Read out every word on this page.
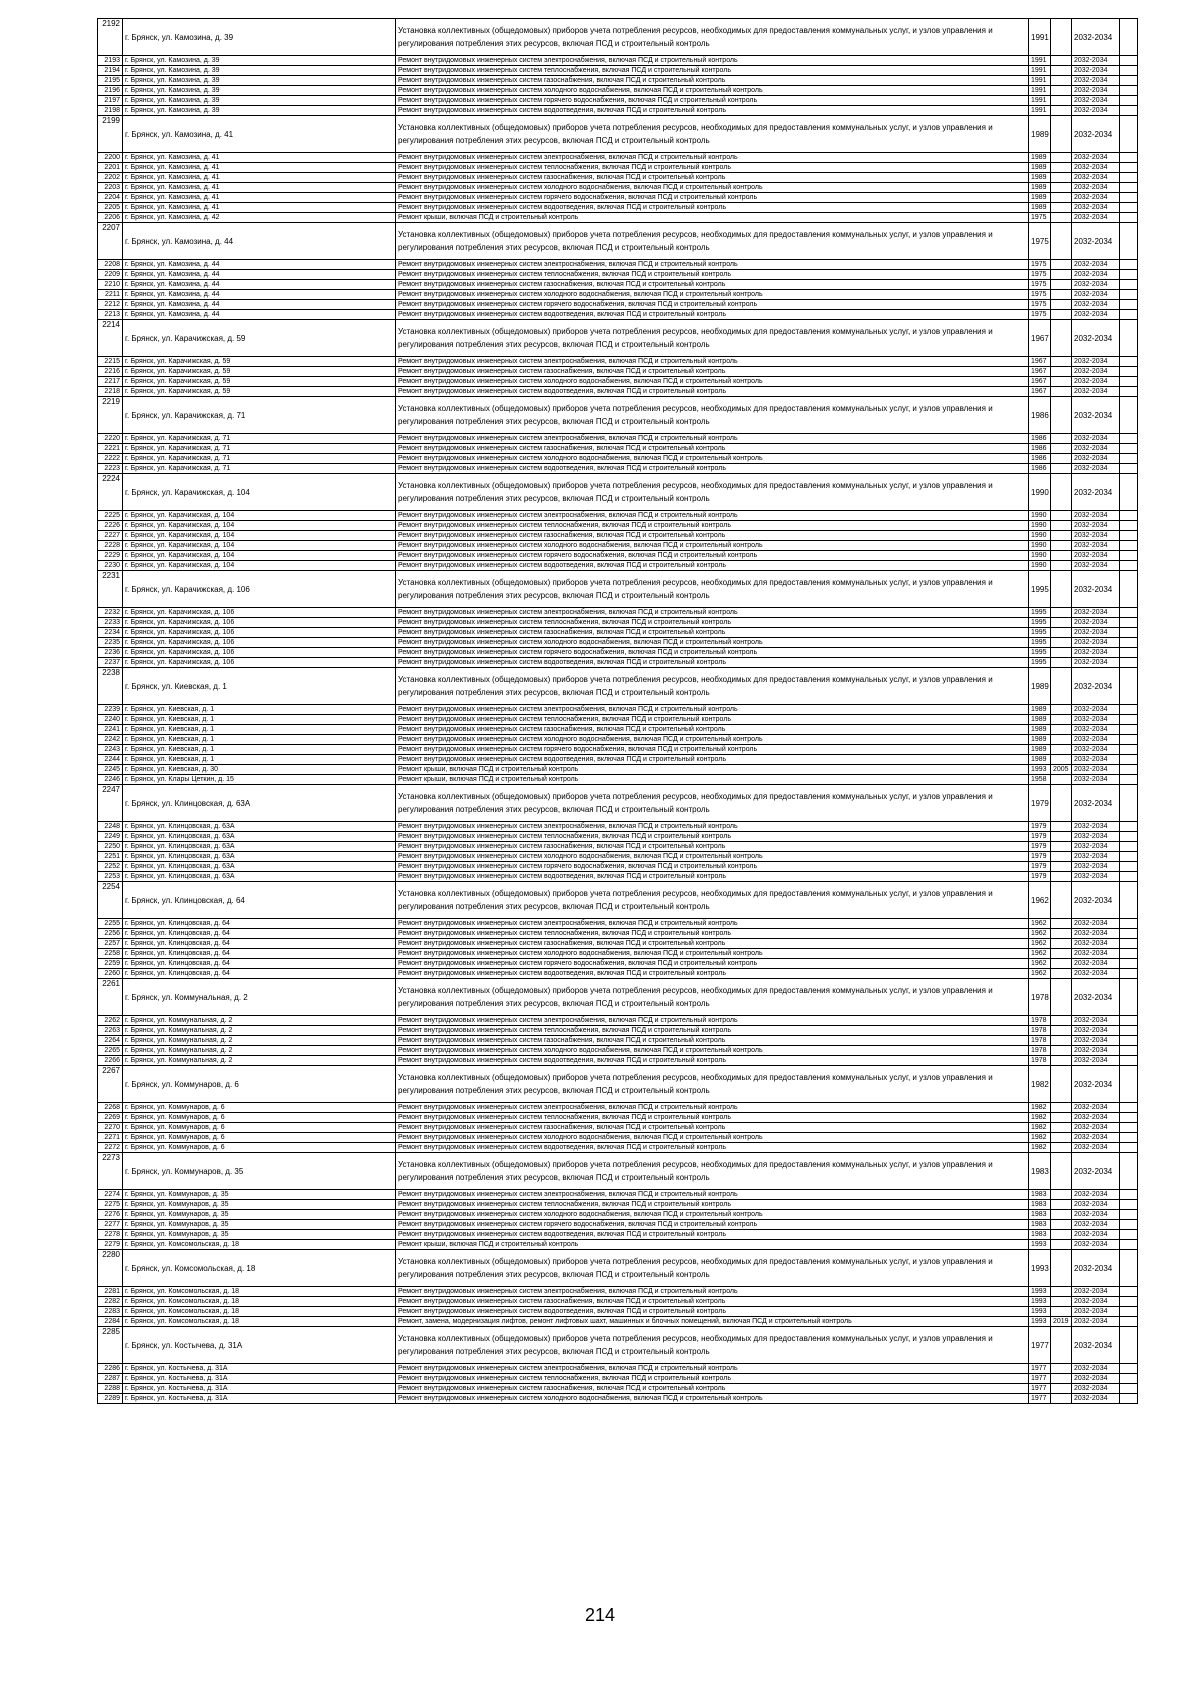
2192	г. Брянск, ул. Камозина, д. 39	Установка коллективных (общедомовых) приборов учета потребления ресурсов, необходимых для предоставления коммунальных услуг, и узлов управления и регулирования потребления этих ресурсов, включая ПСД и строительный контроль	1991		2032-2034	
2193	г. Брянск, ул. Камозина, д. 39	Ремонт внутридомовых инженерных систем электроснабжения, включая ПСД и строительный контроль	1991		2032-2034	
2194	г. Брянск, ул. Камозина, д. 39	Ремонт внутридомовых инженерных систем теплоснабжения, включая ПСД и строительный контроль	1991		2032-2034	
2195	г. Брянск, ул. Камозина, д. 39	Ремонт внутридомовых инженерных систем газоснабжения, включая ПСД и строительный контроль	1991		2032-2034	
2196	г. Брянск, ул. Камозина, д. 39	Ремонт внутридомовых инженерных систем холодного водоснабжения, включая ПСД и строительный контроль	1991		2032-2034	
2197	г. Брянск, ул. Камозина, д. 39	Ремонт внутридомовых инженерных систем горячего водоснабжения, включая ПСД и строительный контроль	1991		2032-2034	
2198	г. Брянск, ул. Камозина, д. 39	Ремонт внутридомовых инженерных систем водоотведения, включая ПСД и строительный контроль	1991		2032-2034	
2199	г. Брянск, ул. Камозина, д. 41	Установка коллективных (общедомовых) приборов учета потребления ресурсов, необходимых для предоставления коммунальных услуг, и узлов управления и регулирования потребления этих ресурсов, включая ПСД и строительный контроль	1989		2032-2034	
2200	г. Брянск, ул. Камозина, д. 41	Ремонт внутридомовых инженерных систем электроснабжения, включая ПСД и строительный контроль	1989		2032-2034	
2201	г. Брянск, ул. Камозина, д. 41	Ремонт внутридомовых инженерных систем теплоснабжения, включая ПСД и строительный контроль	1989		2032-2034	
2202	г. Брянск, ул. Камозина, д. 41	Ремонт внутридомовых инженерных систем газоснабжения, включая ПСД и строительный контроль	1989		2032-2034	
2203	г. Брянск, ул. Камозина, д. 41	Ремонт внутридомовых инженерных систем холодного водоснабжения, включая ПСД и строительный контроль	1989		2032-2034	
2204	г. Брянск, ул. Камозина, д. 41	Ремонт внутридомовых инженерных систем горячего водоснабжения, включая ПСД и строительный контроль	1989		2032-2034	
2205	г. Брянск, ул. Камозина, д. 41	Ремонт внутридомовых инженерных систем водоотведения, включая ПСД и строительный контроль	1989		2032-2034	
2206	г. Брянск, ул. Камозина, д. 42	Ремонт крыши, включая ПСД и строительный контроль	1975		2032-2034	
2207	г. Брянск, ул. Камозина, д. 44	Установка коллективных (общедомовых) приборов учета потребления ресурсов, необходимых для предоставления коммунальных услуг, и узлов управления и регулирования потребления этих ресурсов, включая ПСД и строительный контроль	1975		2032-2034	
2208	г. Брянск, ул. Камозина, д. 44	Ремонт внутридомовых инженерных систем электроснабжения, включая ПСД и строительный контроль	1975		2032-2034	
2209	г. Брянск, ул. Камозина, д. 44	Ремонт внутридомовых инженерных систем теплоснабжения, включая ПСД и строительный контроль	1975		2032-2034	
2210	г. Брянск, ул. Камозина, д. 44	Ремонт внутридомовых инженерных систем газоснабжения, включая ПСД и строительный контроль	1975		2032-2034	
2211	г. Брянск, ул. Камозина, д. 44	Ремонт внутридомовых инженерных систем холодного водоснабжения, включая ПСД и строительный контроль	1975		2032-2034	
2212	г. Брянск, ул. Камозина, д. 44	Ремонт внутридомовых инженерных систем горячего водоснабжения, включая ПСД и строительный контроль	1975		2032-2034	
2213	г. Брянск, ул. Камозина, д. 44	Ремонт внутридомовых инженерных систем водоотведения, включая ПСД и строительный контроль	1975		2032-2034	
2214	г. Брянск, ул. Карачижская, д. 59	Установка коллективных (общедомовых) приборов учета потребления ресурсов, необходимых для предоставления коммунальных услуг, и узлов управления и регулирования потребления этих ресурсов, включая ПСД и строительный контроль	1967		2032-2034	
2215	г. Брянск, ул. Карачижская, д. 59	Ремонт внутридомовых инженерных систем электроснабжения, включая ПСД и строительный контроль	1967		2032-2034	
2216	г. Брянск, ул. Карачижская, д. 59	Ремонт внутридомовых инженерных систем газоснабжения, включая ПСД и строительный контроль	1967		2032-2034	
2217	г. Брянск, ул. Карачижская, д. 59	Ремонт внутридомовых инженерных систем холодного водоснабжения, включая ПСД и строительный контроль	1967		2032-2034	
2218	г. Брянск, ул. Карачижская, д. 59	Ремонт внутридомовых инженерных систем водоотведения, включая ПСД и строительный контроль	1967		2032-2034	
2219	г. Брянск, ул. Карачижская, д. 71	Установка коллективных (общедомовых) приборов учета потребления ресурсов, необходимых для предоставления коммунальных услуг, и узлов управления и регулирования потребления этих ресурсов, включая ПСД и строительный контроль	1986		2032-2034	
2220	г. Брянск, ул. Карачижская, д. 71	Ремонт внутридомовых инженерных систем электроснабжения, включая ПСД и строительный контроль	1986		2032-2034	
2221	г. Брянск, ул. Карачижская, д. 71	Ремонт внутридомовых инженерных систем газоснабжения, включая ПСД и строительный контроль	1986		2032-2034	
2222	г. Брянск, ул. Карачижская, д. 71	Ремонт внутридомовых инженерных систем холодного водоснабжения, включая ПСД и строительный контроль	1986		2032-2034	
2223	г. Брянск, ул. Карачижская, д. 71	Ремонт внутридомовых инженерных систем водоотведения, включая ПСД и строительный контроль	1986		2032-2034	
2224	г. Брянск, ул. Карачижская, д. 104	Установка коллективных (общедомовых) приборов учета потребления ресурсов, необходимых для предоставления коммунальных услуг, и узлов управления и регулирования потребления этих ресурсов, включая ПСД и строительный контроль	1990		2032-2034	
2225	г. Брянск, ул. Карачижская, д. 104	Ремонт внутридомовых инженерных систем электроснабжения, включая ПСД и строительный контроль	1990		2032-2034	
2226	г. Брянск, ул. Карачижская, д. 104	Ремонт внутридомовых инженерных систем теплоснабжения, включая ПСД и строительный контроль	1990		2032-2034	
2227	г. Брянск, ул. Карачижская, д. 104	Ремонт внутридомовых инженерных систем газоснабжения, включая ПСД и строительный контроль	1990		2032-2034	
2228	г. Брянск, ул. Карачижская, д. 104	Ремонт внутридомовых инженерных систем холодного водоснабжения, включая ПСД и строительный контроль	1990		2032-2034	
2229	г. Брянск, ул. Карачижская, д. 104	Ремонт внутридомовых инженерных систем горячего водоснабжения, включая ПСД и строительный контроль	1990		2032-2034	
2230	г. Брянск, ул. Карачижская, д. 104	Ремонт внутридомовых инженерных систем водоотведения, включая ПСД и строительный контроль	1990		2032-2034	
2231	г. Брянск, ул. Карачижская, д. 106	Установка коллективных (общедомовых) приборов учета потребления ресурсов, необходимых для предоставления коммунальных услуг, и узлов управления и регулирования потребления этих ресурсов, включая ПСД и строительный контроль	1995		2032-2034	
2232	г. Брянск, ул. Карачижская, д. 106	Ремонт внутридомовых инженерных систем электроснабжения, включая ПСД и строительный контроль	1995		2032-2034	
2233	г. Брянск, ул. Карачижская, д. 106	Ремонт внутридомовых инженерных систем теплоснабжения, включая ПСД и строительный контроль	1995		2032-2034	
2234	г. Брянск, ул. Карачижская, д. 106	Ремонт внутридомовых инженерных систем газоснабжения, включая ПСД и строительный контроль	1995		2032-2034	
2235	г. Брянск, ул. Карачижская, д. 106	Ремонт внутридомовых инженерных систем холодного водоснабжения, включая ПСД и строительный контроль	1995		2032-2034	
2236	г. Брянск, ул. Карачижская, д. 106	Ремонт внутридомовых инженерных систем горячего водоснабжения, включая ПСД и строительный контроль	1995		2032-2034	
2237	г. Брянск, ул. Карачижская, д. 106	Ремонт внутридомовых инженерных систем водоотведения, включая ПСД и строительный контроль	1995		2032-2034	
2238	г. Брянск, ул. Киевская, д. 1	Установка коллективных (общедомовых) приборов учета потребления ресурсов, необходимых для предоставления коммунальных услуг, и узлов управления и регулирования потребления этих ресурсов, включая ПСД и строительный контроль	1989		2032-2034	
2239	г. Брянск, ул. Киевская, д. 1	Ремонт внутридомовых инженерных систем электроснабжения, включая ПСД и строительный контроль	1989		2032-2034	
2240	г. Брянск, ул. Киевская, д. 1	Ремонт внутридомовых инженерных систем теплоснабжения, включая ПСД и строительный контроль	1989		2032-2034	
2241	г. Брянск, ул. Киевская, д. 1	Ремонт внутридомовых инженерных систем газоснабжения, включая ПСД и строительный контроль	1989		2032-2034	
2242	г. Брянск, ул. Киевская, д. 1	Ремонт внутридомовых инженерных систем холодного водоснабжения, включая ПСД и строительный контроль	1989		2032-2034	
2243	г. Брянск, ул. Киевская, д. 1	Ремонт внутридомовых инженерных систем горячего водоснабжения, включая ПСД и строительный контроль	1989		2032-2034	
2244	г. Брянск, ул. Киевская, д. 1	Ремонт внутридомовых инженерных систем водоотведения, включая ПСД и строительный контроль	1989		2032-2034	
2245	г. Брянск, ул. Киевская, д. 30	Ремонт крыши, включая ПСД и строительный контроль	1993	2005	2032-2034	
2246	г. Брянск, ул. Клары Цеткин, д. 15	Ремонт крыши, включая ПСД и строительный контроль	1958		2032-2034	
2247	г. Брянск, ул. Клинцовская, д. 63А	Установка коллективных (общедомовых) приборов учета потребления ресурсов, необходимых для предоставления коммунальных услуг, и узлов управления и регулирования потребления этих ресурсов, включая ПСД и строительный контроль	1979		2032-2034	
2248	г. Брянск, ул. Клинцовская, д. 63А	Ремонт внутридомовых инженерных систем электроснабжения, включая ПСД и строительный контроль	1979		2032-2034	
2249	г. Брянск, ул. Клинцовская, д. 63А	Ремонт внутридомовых инженерных систем теплоснабжения, включая ПСД и строительный контроль	1979		2032-2034	
2250	г. Брянск, ул. Клинцовская, д. 63А	Ремонт внутридомовых инженерных систем газоснабжения, включая ПСД и строительный контроль	1979		2032-2034	
2251	г. Брянск, ул. Клинцовская, д. 63А	Ремонт внутридомовых инженерных систем холодного водоснабжения, включая ПСД и строительный контроль	1979		2032-2034	
2252	г. Брянск, ул. Клинцовская, д. 63А	Ремонт внутридомовых инженерных систем горячего водоснабжения, включая ПСД и строительный контроль	1979		2032-2034	
2253	г. Брянск, ул. Клинцовская, д. 63А	Ремонт внутридомовых инженерных систем водоотведения, включая ПСД и строительный контроль	1979		2032-2034	
2254	г. Брянск, ул. Клинцовская, д. 64	Установка коллективных (общедомовых) приборов учета потребления ресурсов, необходимых для предоставления коммунальных услуг, и узлов управления и регулирования потребления этих ресурсов, включая ПСД и строительный контроль	1962		2032-2034	
2255	г. Брянск, ул. Клинцовская, д. 64	Ремонт внутридомовых инженерных систем электроснабжения, включая ПСД и строительный контроль	1962		2032-2034	
2256	г. Брянск, ул. Клинцовская, д. 64	Ремонт внутридомовых инженерных систем теплоснабжения, включая ПСД и строительный контроль	1962		2032-2034	
2257	г. Брянск, ул. Клинцовская, д. 64	Ремонт внутридомовых инженерных систем газоснабжения, включая ПСД и строительный контроль	1962		2032-2034	
2258	г. Брянск, ул. Клинцовская, д. 64	Ремонт внутридомовых инженерных систем холодного водоснабжения, включая ПСД и строительный контроль	1962		2032-2034	
2259	г. Брянск, ул. Клинцовская, д. 64	Ремонт внутридомовых инженерных систем горячего водоснабжения, включая ПСД и строительный контроль	1962		2032-2034	
2260	г. Брянск, ул. Клинцовская, д. 64	Ремонт внутридомовых инженерных систем водоотведения, включая ПСД и строительный контроль	1962		2032-2034	
2261	г. Брянск, ул. Коммунальная, д. 2	Установка коллективных (общедомовых) приборов учета потребления ресурсов, необходимых для предоставления коммунальных услуг, и узлов управления и регулирования потребления этих ресурсов, включая ПСД и строительный контроль	1978		2032-2034	
2262	г. Брянск, ул. Коммунальная, д. 2	Ремонт внутридомовых инженерных систем электроснабжения, включая ПСД и строительный контроль	1978		2032-2034	
2263	г. Брянск, ул. Коммунальная, д. 2	Ремонт внутридомовых инженерных систем теплоснабжения, включая ПСД и строительный контроль	1978		2032-2034	
2264	г. Брянск, ул. Коммунальная, д. 2	Ремонт внутридомовых инженерных систем газоснабжения, включая ПСД и строительный контроль	1978		2032-2034	
2265	г. Брянск, ул. Коммунальная, д. 2	Ремонт внутридомовых инженерных систем холодного водоснабжения, включая ПСД и строительный контроль	1978		2032-2034	
2266	г. Брянск, ул. Коммунальная, д. 2	Ремонт внутридомовых инженерных систем водоотведения, включая ПСД и строительный контроль	1978		2032-2034	
2267	г. Брянск, ул. Коммунаров, д. 6	Установка коллективных (общедомовых) приборов учета потребления ресурсов, необходимых для предоставления коммунальных услуг, и узлов управления и регулирования потребления этих ресурсов, включая ПСД и строительный контроль	1982		2032-2034	
2268	г. Брянск, ул. Коммунаров, д. 6	Ремонт внутридомовых инженерных систем электроснабжения, включая ПСД и строительный контроль	1982		2032-2034	
2269	г. Брянск, ул. Коммунаров, д. 6	Ремонт внутридомовых инженерных систем теплоснабжения, включая ПСД и строительный контроль	1982		2032-2034	
2270	г. Брянск, ул. Коммунаров, д. 6	Ремонт внутридомовых инженерных систем газоснабжения, включая ПСД и строительный контроль	1982		2032-2034	
2271	г. Брянск, ул. Коммунаров, д. 6	Ремонт внутридомовых инженерных систем холодного водоснабжения, включая ПСД и строительный контроль	1982		2032-2034	
2272	г. Брянск, ул. Коммунаров, д. 6	Ремонт внутридомовых инженерных систем водоотведения, включая ПСД и строительный контроль	1982		2032-2034	
2273	г. Брянск, ул. Коммунаров, д. 35	Установка коллективных (общедомовых) приборов учета потребления ресурсов, необходимых для предоставления коммунальных услуг, и узлов управления и регулирования потребления этих ресурсов, включая ПСД и строительный контроль	1983		2032-2034	
2274	г. Брянск, ул. Коммунаров, д. 35	Ремонт внутридомовых инженерных систем электроснабжения, включая ПСД и строительный контроль	1983		2032-2034	
2275	г. Брянск, ул. Коммунаров, д. 35	Ремонт внутридомовых инженерных систем теплоснабжения, включая ПСД и строительный контроль	1983		2032-2034	
2276	г. Брянск, ул. Коммунаров, д. 35	Ремонт внутридомовых инженерных систем холодного водоснабжения, включая ПСД и строительный контроль	1983		2032-2034	
2277	г. Брянск, ул. Коммунаров, д. 35	Ремонт внутридомовых инженерных систем горячего водоснабжения, включая ПСД и строительный контроль	1983		2032-2034	
2278	г. Брянск, ул. Коммунаров, д. 35	Ремонт внутридомовых инженерных систем водоотведения, включая ПСД и строительный контроль	1983		2032-2034	
2279	г. Брянск, ул. Комсомольская, д. 18	Ремонт крыши, включая ПСД и строительный контроль	1993		2032-2034	
2280	г. Брянск, ул. Комсомольская, д. 18	Установка коллективных (общедомовых) приборов учета потребления ресурсов, необходимых для предоставления коммунальных услуг, и узлов управления и регулирования потребления этих ресурсов, включая ПСД и строительный контроль	1993		2032-2034	
2281	г. Брянск, ул. Комсомольская, д. 18	Ремонт внутридомовых инженерных систем электроснабжения, включая ПСД и строительный контроль	1993		2032-2034	
2282	г. Брянск, ул. Комсомольская, д. 18	Ремонт внутридомовых инженерных систем газоснабжения, включая ПСД и строительный контроль	1993		2032-2034	
2283	г. Брянск, ул. Комсомольская, д. 18	Ремонт внутридомовых инженерных систем водоотведения, включая ПСД и строительный контроль	1993		2032-2034	
2284	г. Брянск, ул. Комсомольская, д. 18	Ремонт, замена, модернизация лифтов, ремонт лифтовых шахт, машинных и блочных помещений, включая ПСД и строительный контроль	1993	2019	2032-2034	
2285	г. Брянск, ул. Костычева, д. 31А	Установка коллективных (общедомовых) приборов учета потребления ресурсов, необходимых для предоставления коммунальных услуг, и узлов управления и регулирования потребления этих ресурсов, включая ПСД и строительный контроль	1977		2032-2034	
2286	г. Брянск, ул. Костычева, д. 31А	Ремонт внутридомовых инженерных систем электроснабжения, включая ПСД и строительный контроль	1977		2032-2034	
2287	г. Брянск, ул. Костычева, д. 31А	Ремонт внутридомовых инженерных систем теплоснабжения, включая ПСД и строительный контроль	1977		2032-2034	
2288	г. Брянск, ул. Костычева, д. 31А	Ремонт внутридомовых инженерных систем газоснабжения, включая ПСД и строительный контроль	1977		2032-2034	
2289	г. Брянск, ул. Костычева, д. 31А	Ремонт внутридомовых инженерных систем холодного водоснабжения, включая ПСД и строительный контроль	1977		2032-2034	
214
